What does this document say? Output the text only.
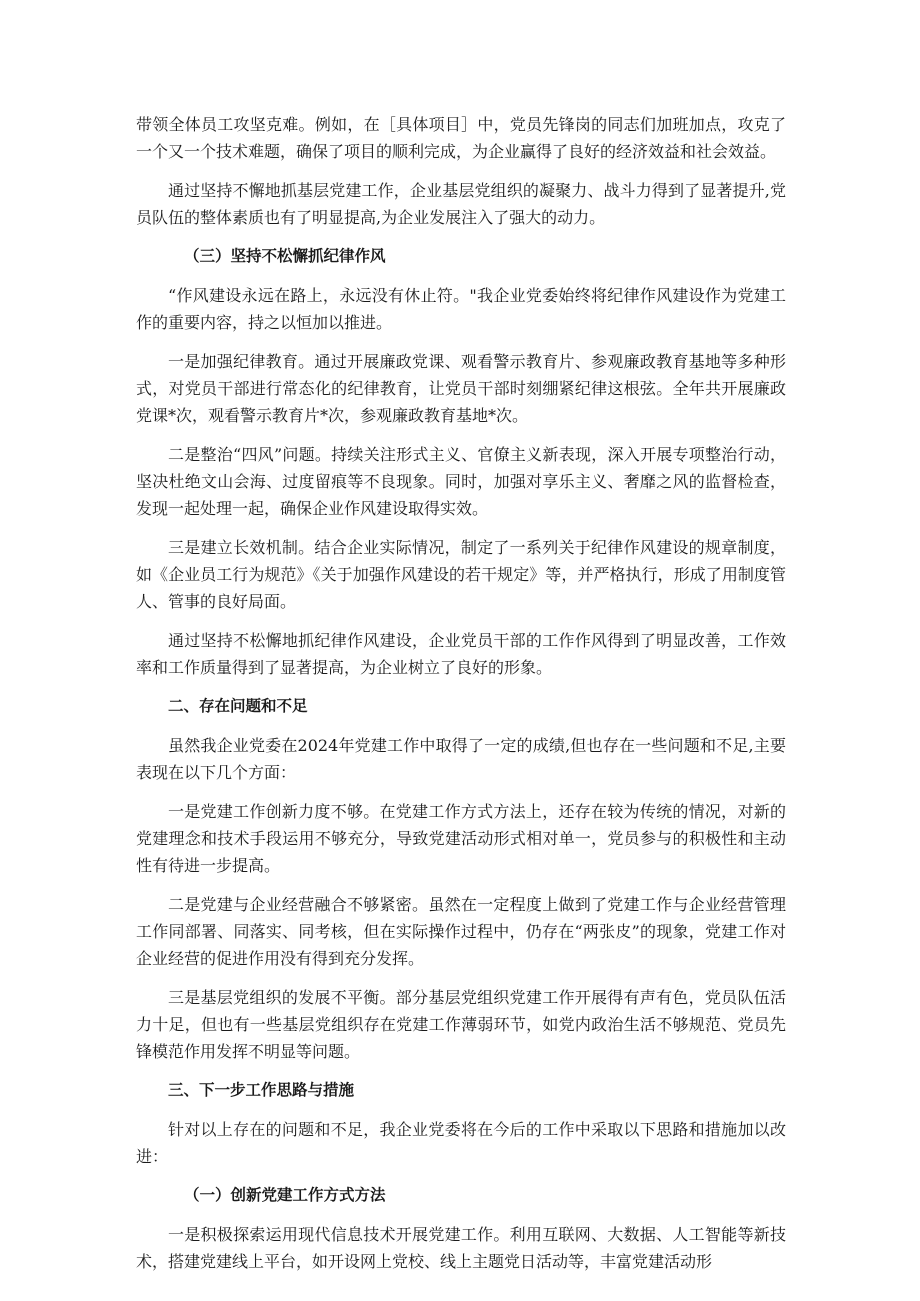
带领全体员工攻坚克难。例如，在［具体项目］中，党员先锋岗的同志们加班加点，攻克了一个又一个技术难题，确保了项目的顺利完成，为企业赢得了良好的经济效益和社会效益。

通过坚持不懈地抓基层党建工作，企业基层党组织的凝聚力、战斗力得到了显著提升,党员队伍的整体素质也有了明显提高,为企业发展注入了强大的动力。

（三）坚持不松懈抓纪律作风

“作风建设永远在路上，永远没有休止符。"我企业党委始终将纪律作风建设作为党建工作的重要内容，持之以恒加以推进。

一是加强纪律教育。通过开展廉政党课、观看警示教育片、参观廉政教育基地等多种形式，对党员干部进行常态化的纪律教育，让党员干部时刻绷紧纪律这根弦。全年共开展廉政党课*次，观看警示教育片*次，参观廉政教育基地*次。

二是整治“四风”问题。持续关注形式主义、官僚主义新表现，深入开展专项整治行动，坚决杜绝文山会海、过度留痕等不良现象。同时，加强对享乐主义、奢靡之风的监督检查，发现一起处理一起，确保企业作风建设取得实效。

三是建立长效机制。结合企业实际情况，制定了一系列关于纪律作风建设的规章制度，如《企业员工行为规范》《关于加强作风建设的若干规定》等，并严格执行，形成了用制度管人、管事的良好局面。

通过坚持不松懈地抓纪律作风建设，企业党员干部的工作作风得到了明显改善，工作效率和工作质量得到了显著提高，为企业树立了良好的形象。

二、存在问题和不足

虽然我企业党委在2024年党建工作中取得了一定的成绩,但也存在一些问题和不足,主要表现在以下几个方面：

一是党建工作创新力度不够。在党建工作方式方法上，还存在较为传统的情况，对新的党建理念和技术手段运用不够充分，导致党建活动形式相对单一，党员参与的积极性和主动性有待进一步提高。

二是党建与企业经营融合不够紧密。虽然在一定程度上做到了党建工作与企业经营管理工作同部署、同落实、同考核，但在实际操作过程中，仍存在“两张皮”的现象，党建工作对企业经营的促进作用没有得到充分发挥。

三是基层党组织的发展不平衡。部分基层党组织党建工作开展得有声有色，党员队伍活力十足，但也有一些基层党组织存在党建工作薄弱环节，如党内政治生活不够规范、党员先锋模范作用发挥不明显等问题。

三、下一步工作思路与措施

针对以上存在的问题和不足，我企业党委将在今后的工作中采取以下思路和措施加以改进：

（一）创新党建工作方式方法

一是积极探索运用现代信息技术开展党建工作。利用互联网、大数据、人工智能等新技术，搭建党建线上平台，如开设网上党校、线上主题党日活动等，丰富党建活动形
